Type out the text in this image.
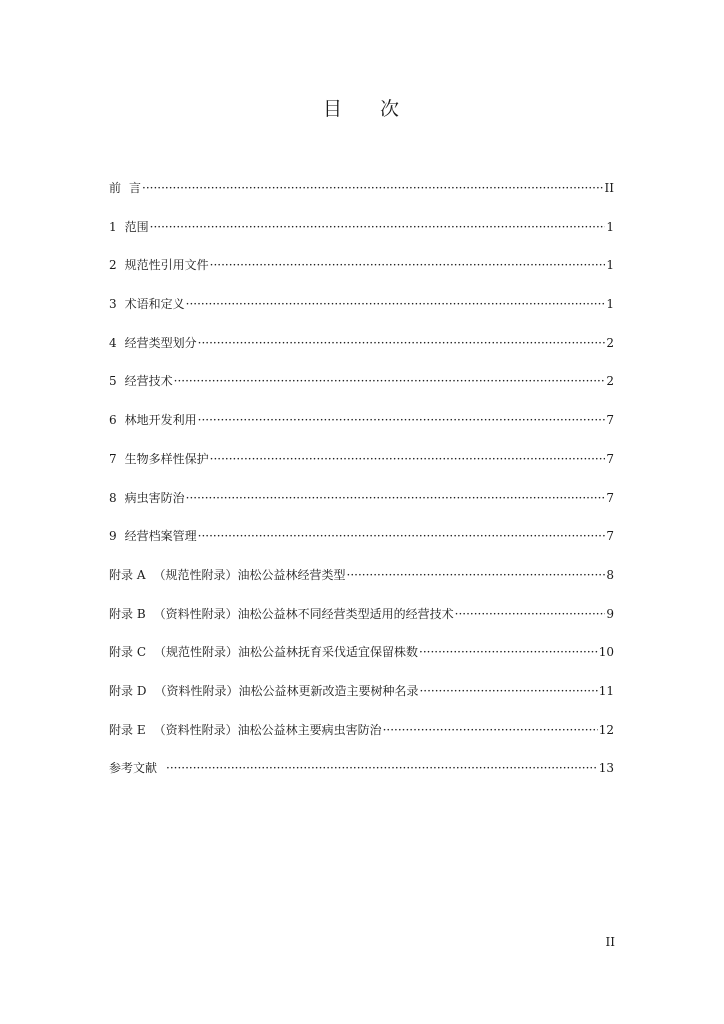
目 次
前 言 ·····	II
1 范围 ·····	1
2 规范性引用文件 ·····	1
3 术语和定义 ·····	1
4 经营类型划分 ·····	2
5 经营技术 ·····	2
6 林地开发利用 ·····	7
7 生物多样性保护 ·····	7
8 病虫害防治 ·····	7
9 经营档案管理 ·····	7
附录 A （规范性附录）油松公益林经营类型 ·····	8
附录 B （资料性附录）油松公益林不同经营类型适用的经营技术 ·····	9
附录 C （规范性附录）油松公益林抚育采伐适宜保留株数 ·····	10
附录 D （资料性附录）油松公益林更新改造主要树种名录 ·····	11
附录 E （资料性附录）油松公益林主要病虫害防治 ·····	12
参考文献 ·····	13
II
